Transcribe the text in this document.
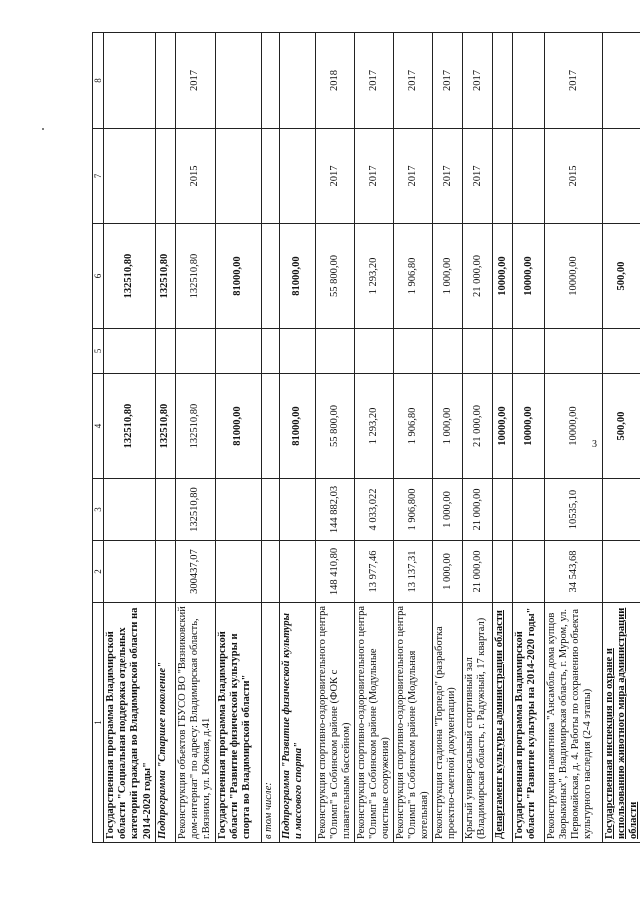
1	2	3	4	5	6	7	8
Государственная программа Владимирской области "Социальная поддержка отдельных категорий граждан во Владимирской области на 2014-2020 годы"			132510,80		132510,80		
Подпрограмма "Старшее поколение"			132510,80		132510,80		
Реконструкция объектов ГБУСО ВО "Вязниковский дом-интернат" по адресу: Владимирская область, г.Вязники, ул. Южная, д.41	300437,07	132510,80	132510,80		132510,80	2015	2017
Государственная программа Владимирской области "Развитие физической культуры и спорта во Владимирской области"			81000,00		81000,00		
в том числе:							
Подпрограмма "Развитие физической культуры и массового спорта"			81000,00		81000,00		
Реконструкция спортивно-оздоровительного центра "Олимп" в Собинском районе (ФОК с плавательным бассейном)	148 410,80	144 882,03	55 800,00		55 800,00	2017	2018
Реконструкция спортивно-оздоровительного центра "Олимп" в Собинском районе (Модульные очистные сооружения)	13 977,46	4 033,022	1 293,20		1 293,20	2017	2017
Реконструкция спортивно-оздоровительного центра "Олимп" в Собинском районе (Модульная котельная)	13 137,31	1 906,800	1 906,80		1 906,80	2017	2017
Реконструкция стадиона "Торпедо" (разработка проектно-сметной документации)	1 000,00	1 000,00	1 000,00		1 000,00	2017	2017
Крытый универсальный спортивный зал (Владимирская область, г. Радужный, 17 квартал)	21 000,00	21 000,00	21 000,00		21 000,00	2017	2017
Департамент культуры администрации области			10000,00		10000,00		
Государственная программа Владимирской области "Развитие культуры на 2014-2020 годы"			10000,00		10000,00		
Реконструкция памятника "Ансамбль дома купцов Зворыкиных", Владимирская область, г. Муром, ул. Первомайская, д. 4. Работы по сохранению объекта культурного наследия (2-4 этапы)	34 543,68	10535,10	10000,00		10000,00	2015	2017
Государственная инспекция по охране и использованию животного мира администрации области			500,00		500,00		
3
